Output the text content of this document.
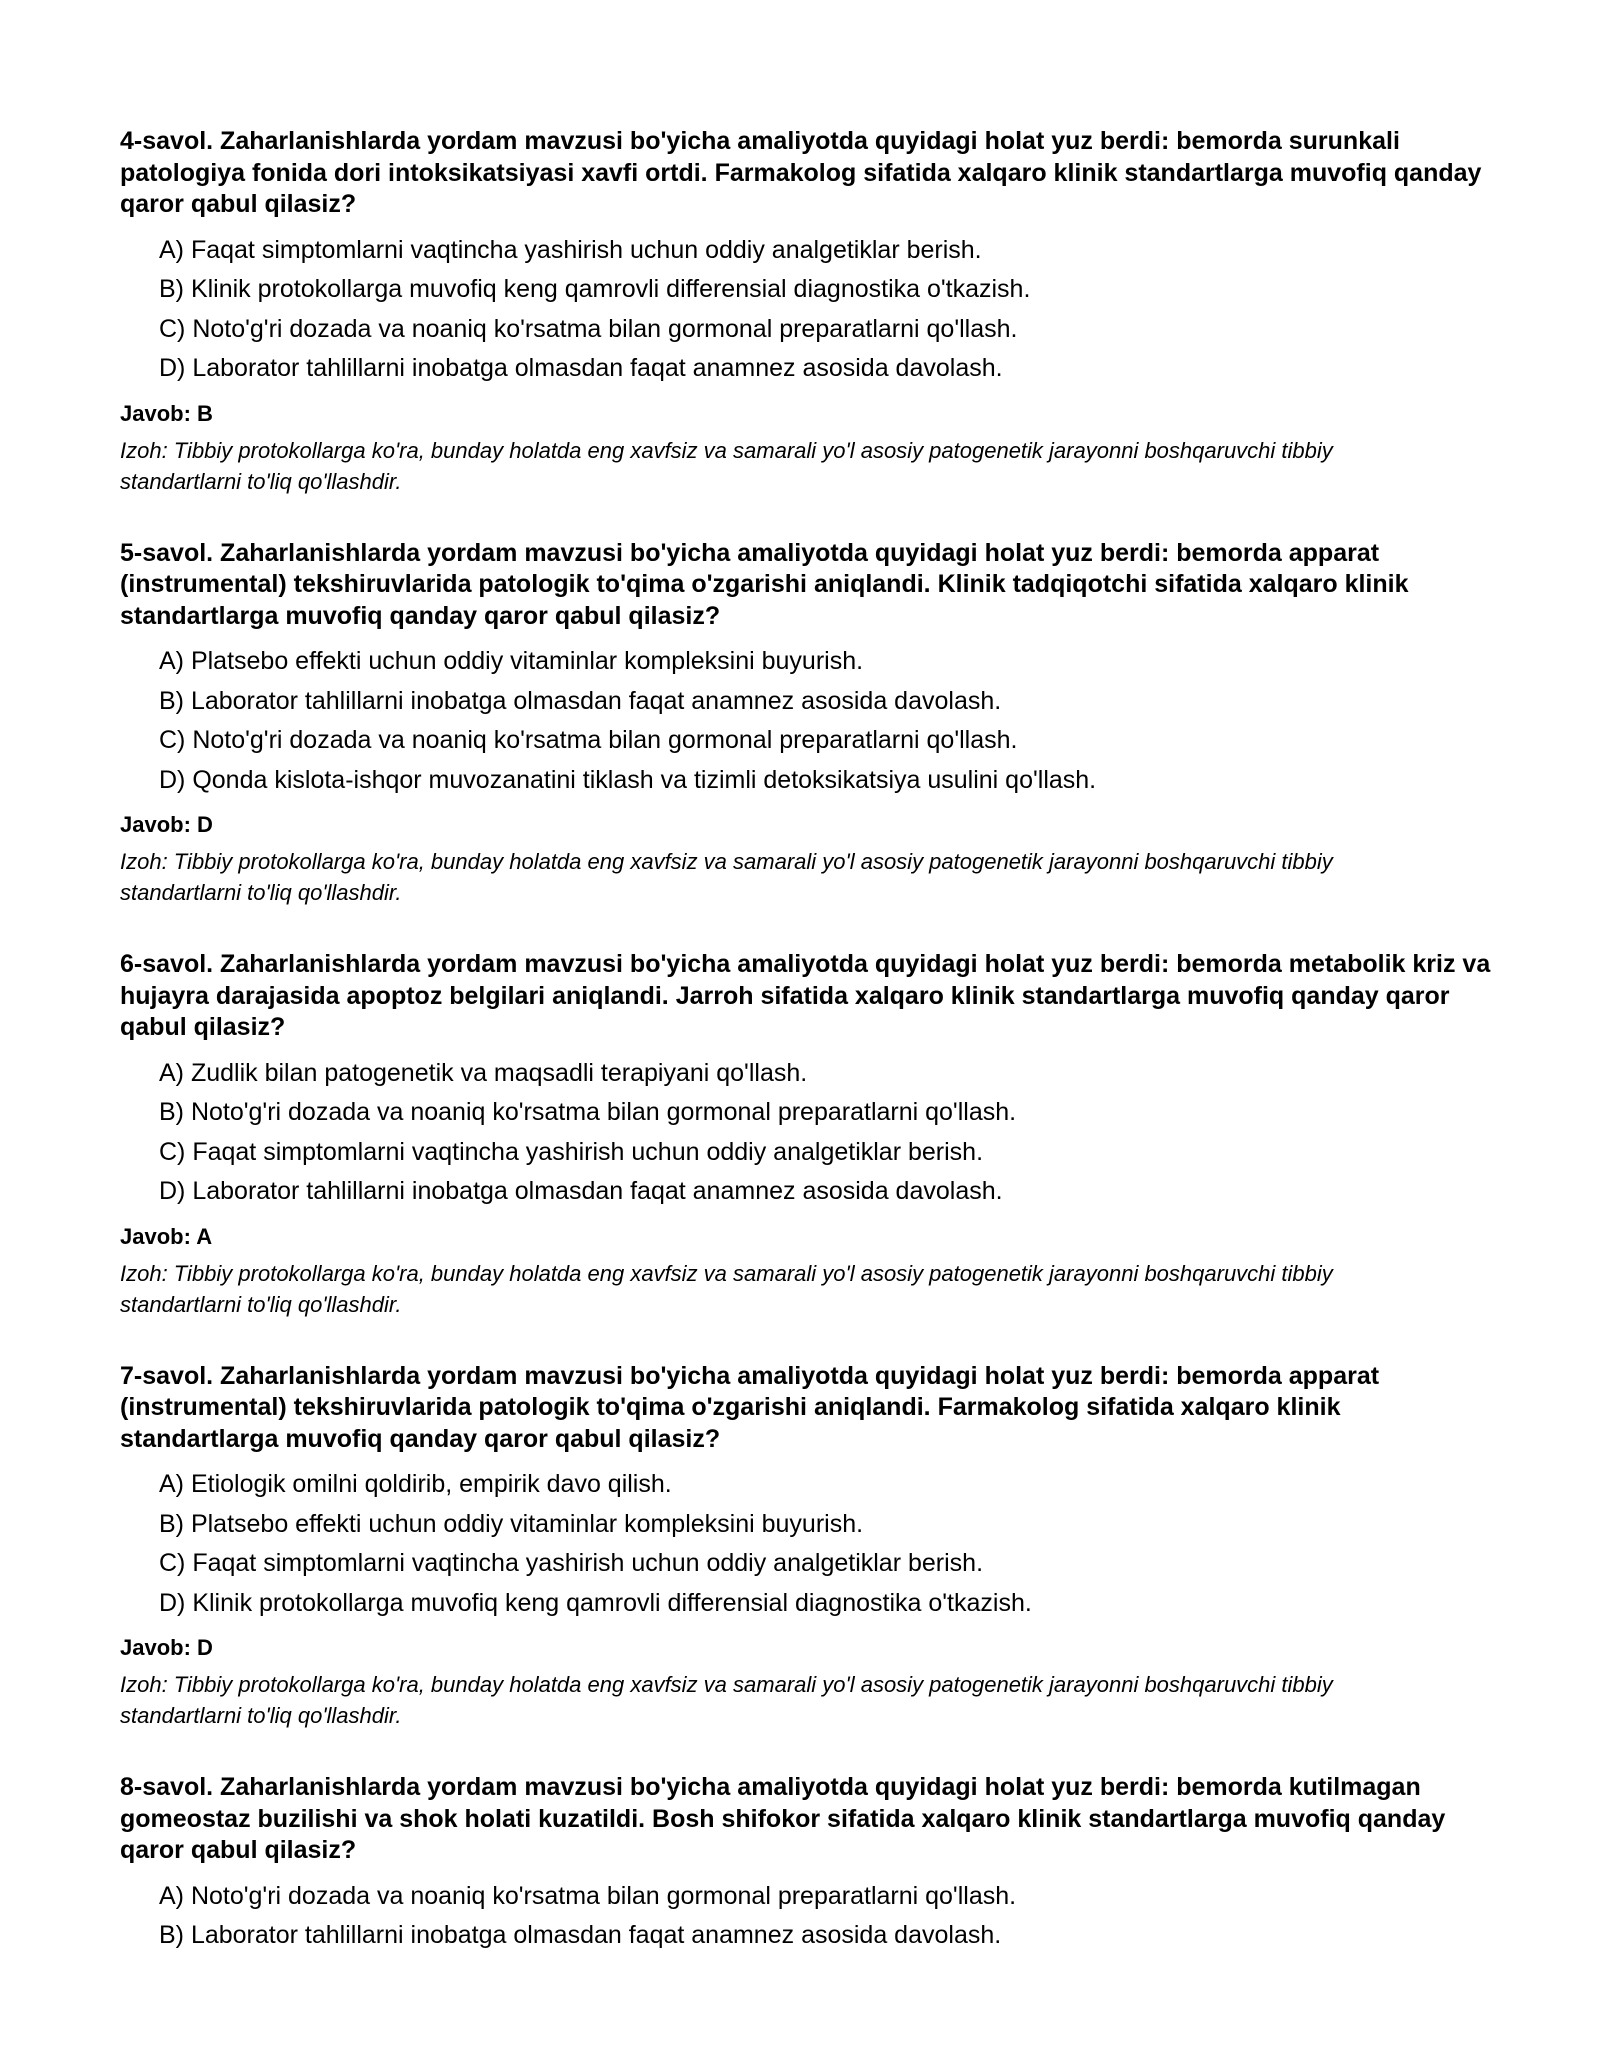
4-savol. Zaharlanishlarda yordam mavzusi bo'yicha amaliyotda quyidagi holat yuz berdi: bemorda surunkali patologiya fonida dori intoksikatsiyasi xavfi ortdi. Farmakolog sifatida xalqaro klinik standartlarga muvofiq qanday qaror qabul qilasiz?

A) Faqat simptomlarni vaqtincha yashirish uchun oddiy analgetiklar berish.
B) Klinik protokollarga muvofiq keng qamrovli differensial diagnostika o'tkazish.
C) Noto'g'ri dozada va noaniq ko'rsatma bilan gormonal preparatlarni qo'llash.
D) Laborator tahlillarni inobatga olmasdan faqat anamnez asosida davolash.

Javob: B

Izoh: Tibbiy protokollarga ko'ra, bunday holatda eng xavfsiz va samarali yo'l asosiy patogenetik jarayonni boshqaruvchi tibbiy standartlarni to'liq qo'llashdir.

5-savol. Zaharlanishlarda yordam mavzusi bo'yicha amaliyotda quyidagi holat yuz berdi: bemorda apparat (instrumental) tekshiruvlarida patologik to'qima o'zgarishi aniqlandi. Klinik tadqiqotchi sifatida xalqaro klinik standartlarga muvofiq qanday qaror qabul qilasiz?

A) Platsebo effekti uchun oddiy vitaminlar kompleksini buyurish.
B) Laborator tahlillarni inobatga olmasdan faqat anamnez asosida davolash.
C) Noto'g'ri dozada va noaniq ko'rsatma bilan gormonal preparatlarni qo'llash.
D) Qonda kislota-ishqor muvozanatini tiklash va tizimli detoksikatsiya usulini qo'llash.

Javob: D

Izoh: Tibbiy protokollarga ko'ra, bunday holatda eng xavfsiz va samarali yo'l asosiy patogenetik jarayonni boshqaruvchi tibbiy standartlarni to'liq qo'llashdir.

6-savol. Zaharlanishlarda yordam mavzusi bo'yicha amaliyotda quyidagi holat yuz berdi: bemorda metabolik kriz va hujayra darajasida apoptoz belgilari aniqlandi. Jarroh sifatida xalqaro klinik standartlarga muvofiq qanday qaror qabul qilasiz?

A) Zudlik bilan patogenetik va maqsadli terapiyani qo'llash.
B) Noto'g'ri dozada va noaniq ko'rsatma bilan gormonal preparatlarni qo'llash.
C) Faqat simptomlarni vaqtincha yashirish uchun oddiy analgetiklar berish.
D) Laborator tahlillarni inobatga olmasdan faqat anamnez asosida davolash.

Javob: A

Izoh: Tibbiy protokollarga ko'ra, bunday holatda eng xavfsiz va samarali yo'l asosiy patogenetik jarayonni boshqaruvchi tibbiy standartlarni to'liq qo'llashdir.

7-savol. Zaharlanishlarda yordam mavzusi bo'yicha amaliyotda quyidagi holat yuz berdi: bemorda apparat (instrumental) tekshiruvlarida patologik to'qima o'zgarishi aniqlandi. Farmakolog sifatida xalqaro klinik standartlarga muvofiq qanday qaror qabul qilasiz?

A) Etiologik omilni qoldirib, empirik davo qilish.
B) Platsebo effekti uchun oddiy vitaminlar kompleksini buyurish.
C) Faqat simptomlarni vaqtincha yashirish uchun oddiy analgetiklar berish.
D) Klinik protokollarga muvofiq keng qamrovli differensial diagnostika o'tkazish.

Javob: D

Izoh: Tibbiy protokollarga ko'ra, bunday holatda eng xavfsiz va samarali yo'l asosiy patogenetik jarayonni boshqaruvchi tibbiy standartlarni to'liq qo'llashdir.

8-savol. Zaharlanishlarda yordam mavzusi bo'yicha amaliyotda quyidagi holat yuz berdi: bemorda kutilmagan gomeostaz buzilishi va shok holati kuzatildi. Bosh shifokor sifatida xalqaro klinik standartlarga muvofiq qanday qaror qabul qilasiz?

A) Noto'g'ri dozada va noaniq ko'rsatma bilan gormonal preparatlarni qo'llash.
B) Laborator tahlillarni inobatga olmasdan faqat anamnez asosida davolash.
